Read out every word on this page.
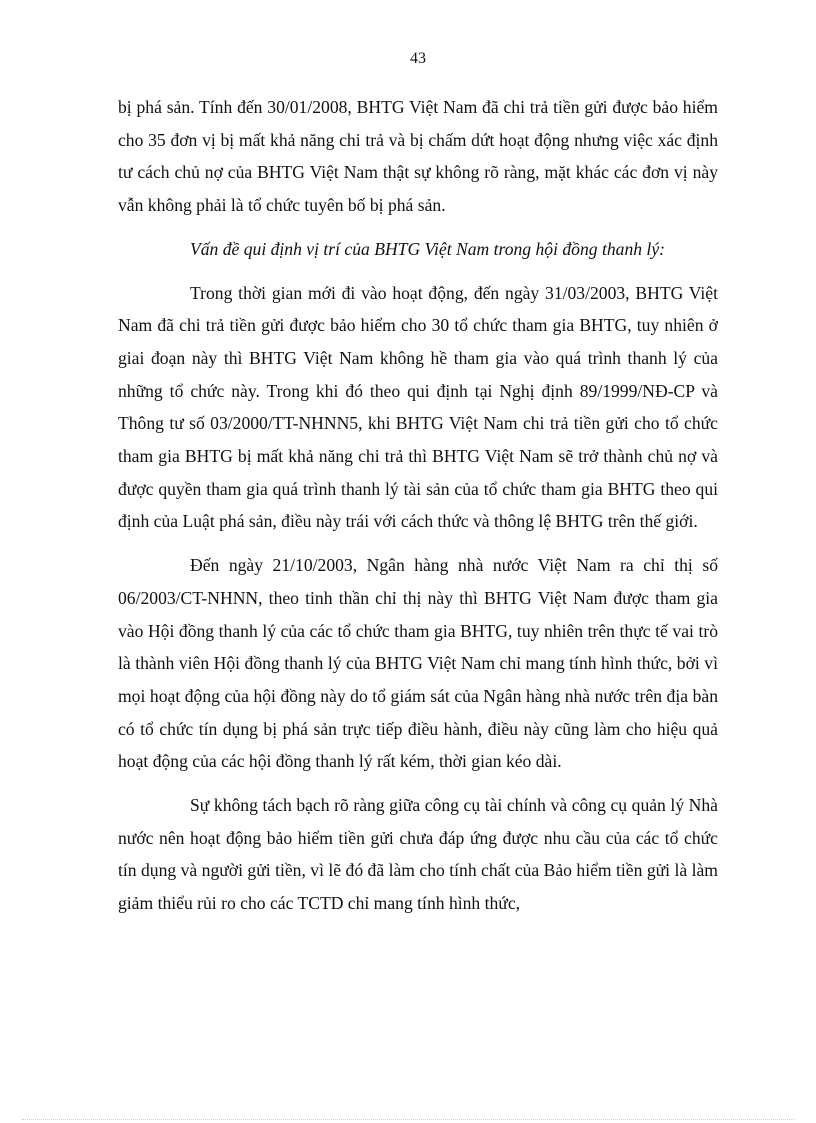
43

bị phá sản. Tính đến 30/01/2008, BHTG Việt Nam đã chi trả tiền gửi được bảo hiểm cho 35 đơn vị bị mất khả năng chi trả và bị chấm dứt hoạt động nhưng việc xác định tư cách chủ nợ của BHTG Việt Nam thật sự không rõ ràng, mặt khác các đơn vị này vẫn không phải là tổ chức tuyên bố bị phá sản.

Vấn đề qui định vị trí của BHTG Việt Nam trong hội đồng thanh lý:

Trong thời gian mới đi vào hoạt động, đến ngày 31/03/2003, BHTG Việt Nam đã chi trả tiền gửi được bảo hiểm cho 30 tổ chức tham gia BHTG, tuy nhiên ở giai đoạn này thì BHTG Việt Nam không hề tham gia vào quá trình thanh lý của những tổ chức này. Trong khi đó theo qui định tại Nghị định 89/1999/NĐ-CP và Thông tư số 03/2000/TT-NHNN5, khi BHTG Việt Nam chi trả tiền gửi cho tổ chức tham gia BHTG bị mất khả năng chi trả thì BHTG Việt Nam sẽ trở thành chủ nợ và được quyền tham gia quá trình thanh lý tài sản của tổ chức tham gia BHTG theo qui định của Luật phá sản, điều này trái với cách thức và thông lệ BHTG trên thế giới.

Đến ngày 21/10/2003, Ngân hàng nhà nước Việt Nam ra chỉ thị số 06/2003/CT-NHNN, theo tinh thần chỉ thị này thì BHTG Việt Nam được tham gia vào Hội đồng thanh lý của các tổ chức tham gia BHTG, tuy nhiên trên thực tế vai trò là thành viên Hội đồng thanh lý của BHTG Việt Nam chỉ mang tính hình thức, bởi vì mọi hoạt động của hội đồng này do tổ giám sát của Ngân hàng nhà nước trên địa bàn có tổ chức tín dụng bị phá sản trực tiếp điều hành, điều này cũng làm cho hiệu quả hoạt động của các hội đồng thanh lý rất kém, thời gian kéo dài.

Sự không tách bạch rõ ràng giữa công cụ tài chính và công cụ quản lý Nhà nước nên hoạt động bảo hiểm tiền gửi chưa đáp ứng được nhu cầu của các tổ chức tín dụng và người gửi tiền, vì lẽ đó đã làm cho tính chất của Bảo hiểm tiền gửi là làm giảm thiểu rủi ro cho các TCTD chỉ mang tính hình thức,
